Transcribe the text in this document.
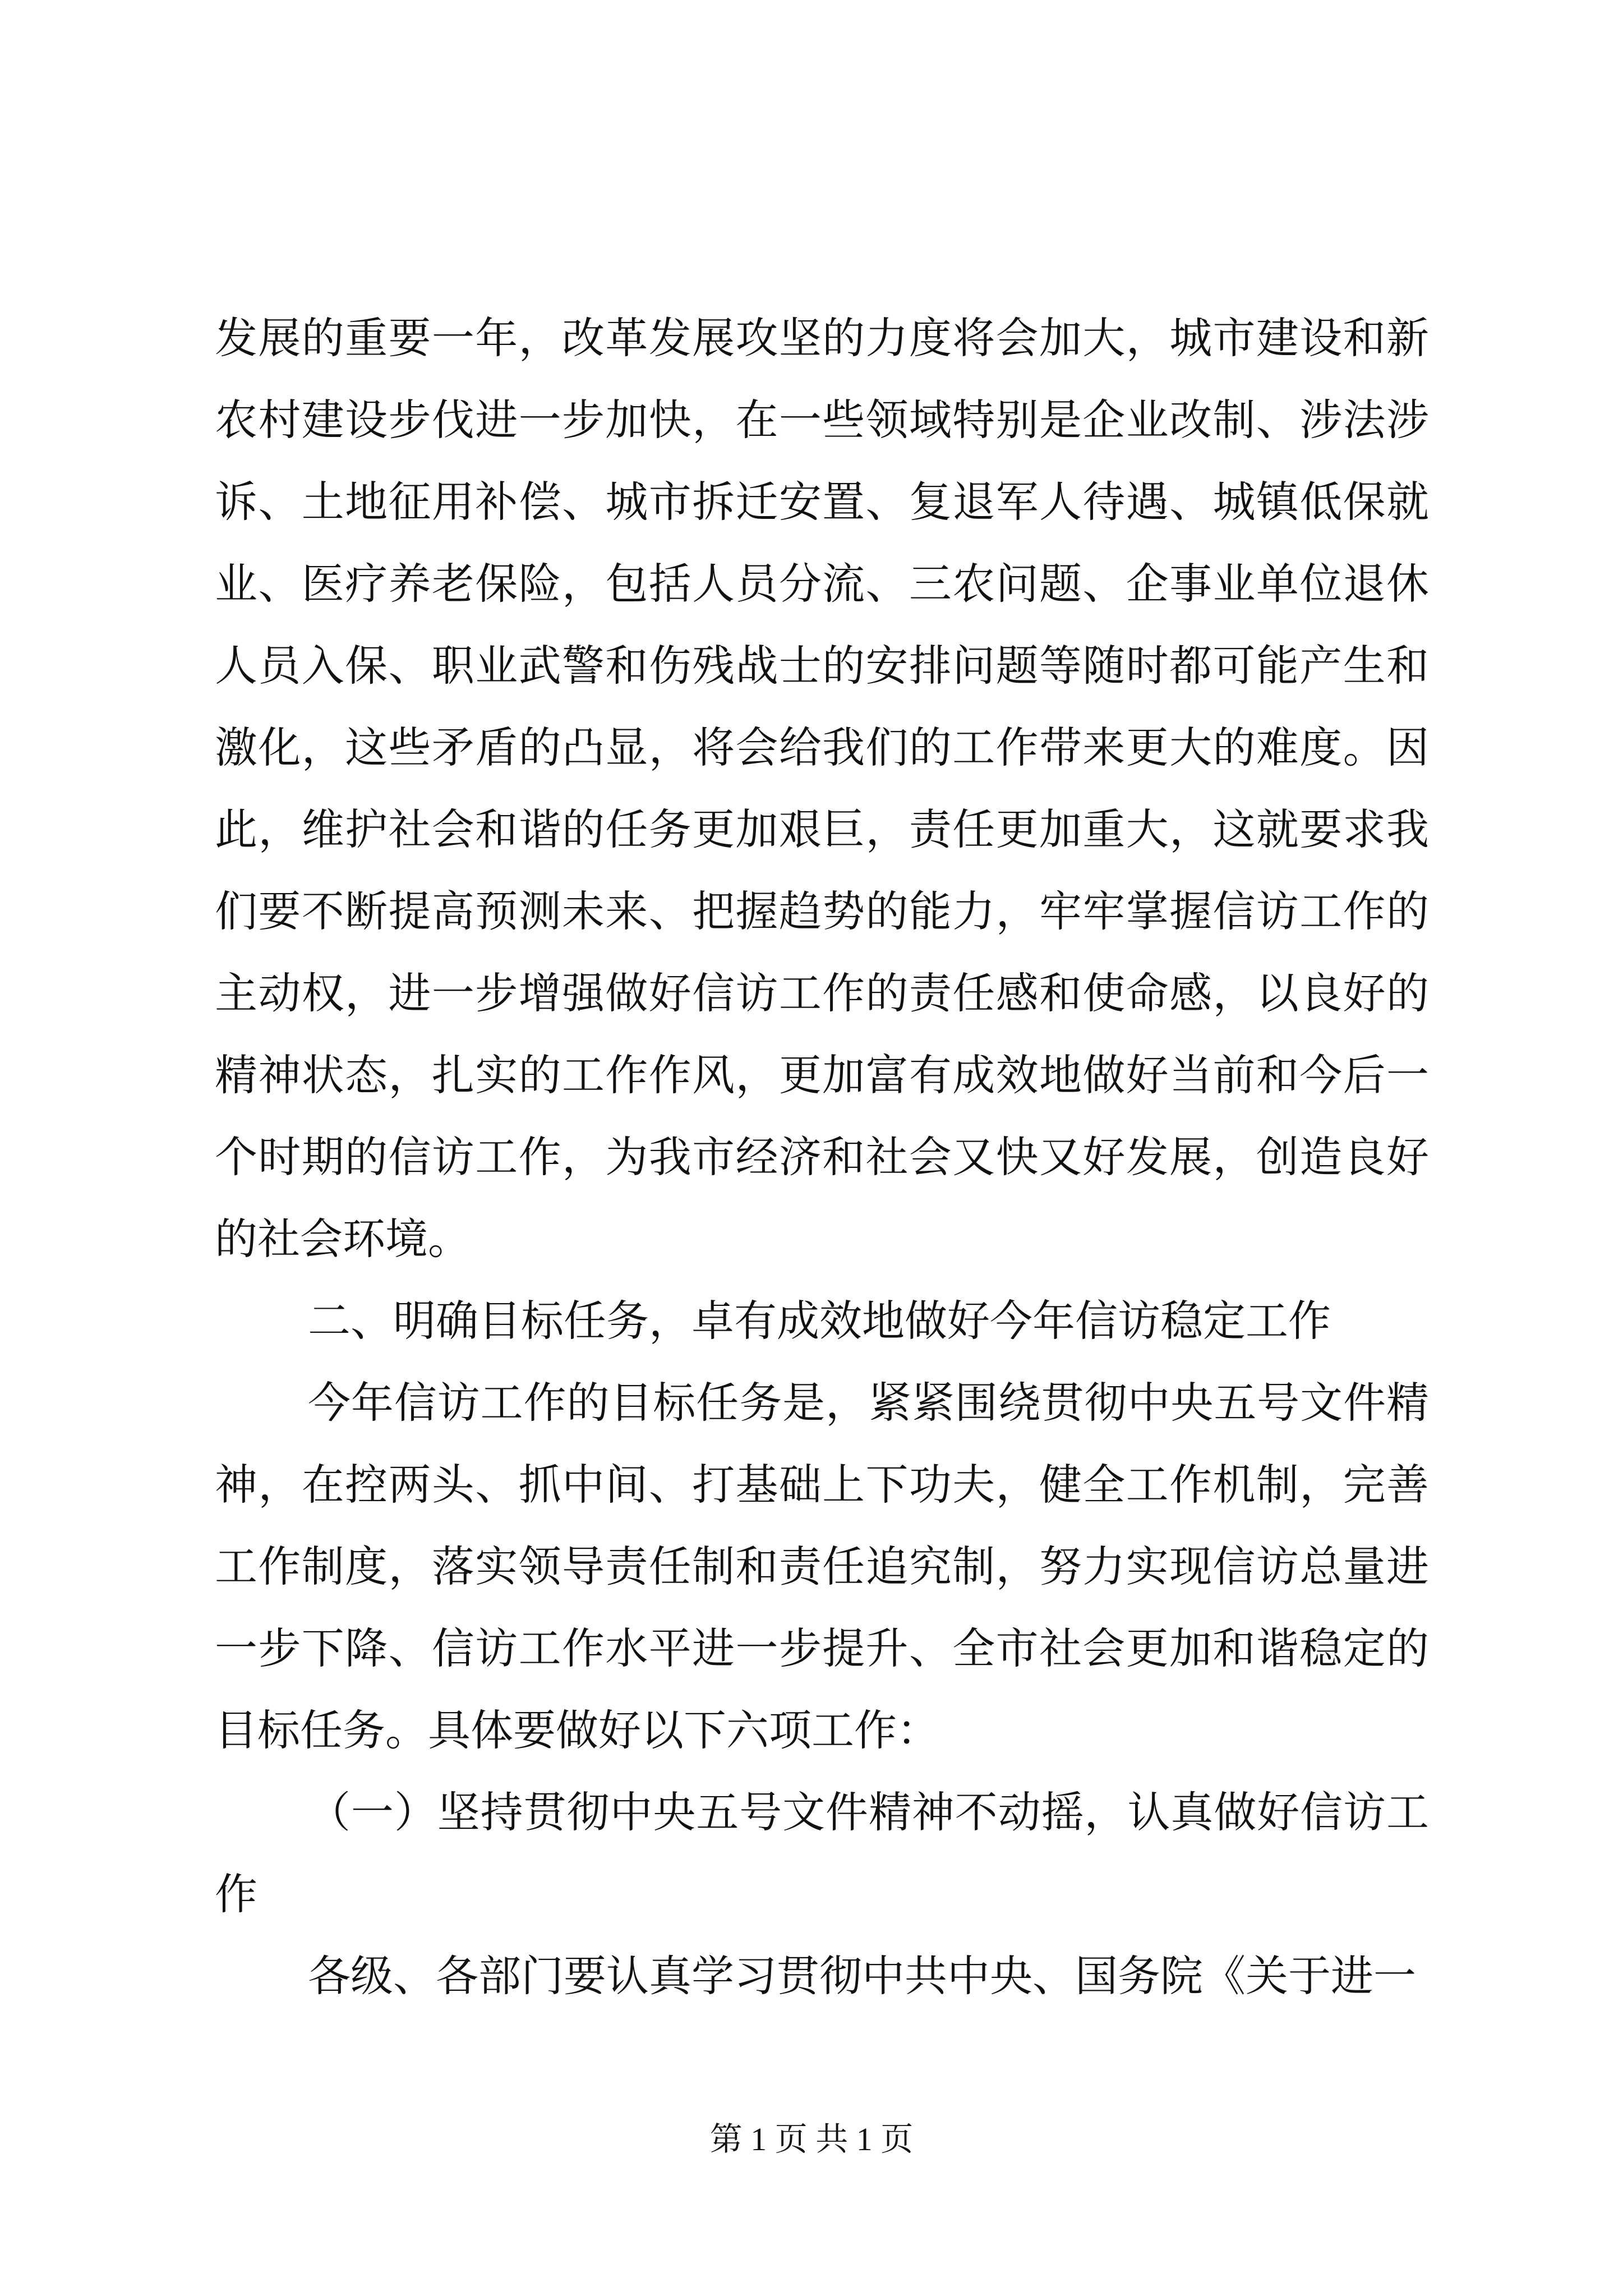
发展的重要一年，改革发展攻坚的力度将会加大，城市建设和新农村建设步伐进一步加快，在一些领域特别是企业改制、涉法涉诉、土地征用补偿、城市拆迁安置、复退军人待遇、城镇低保就业、医疗养老保险，包括人员分流、三农问题、企事业单位退休人员入保、职业武警和伤残战士的安排问题等随时都可能产生和激化，这些矛盾的凸显，将会给我们的工作带来更大的难度。因此，维护社会和谐的任务更加艰巨，责任更加重大，这就要求我们要不断提高预测未来、把握趋势的能力，牢牢掌握信访工作的主动权，进一步增强做好信访工作的责任感和使命感，以良好的精神状态，扎实的工作作风，更加富有成效地做好当前和今后一个时期的信访工作，为我市经济和社会又快又好发展，创造良好的社会环境。

二、明确目标任务，卓有成效地做好今年信访稳定工作

今年信访工作的目标任务是，紧紧围绕贯彻中央五号文件精神，在控两头、抓中间、打基础上下功夫，健全工作机制，完善工作制度，落实领导责任制和责任追究制，努力实现信访总量进一步下降、信访工作水平进一步提升、全市社会更加和谐稳定的目标任务。具体要做好以下六项工作：

（一）坚持贯彻中央五号文件精神不动摇，认真做好信访工作

各级、各部门要认真学习贯彻中共中央、国务院《关于进一

第 1 页 共 1 页
